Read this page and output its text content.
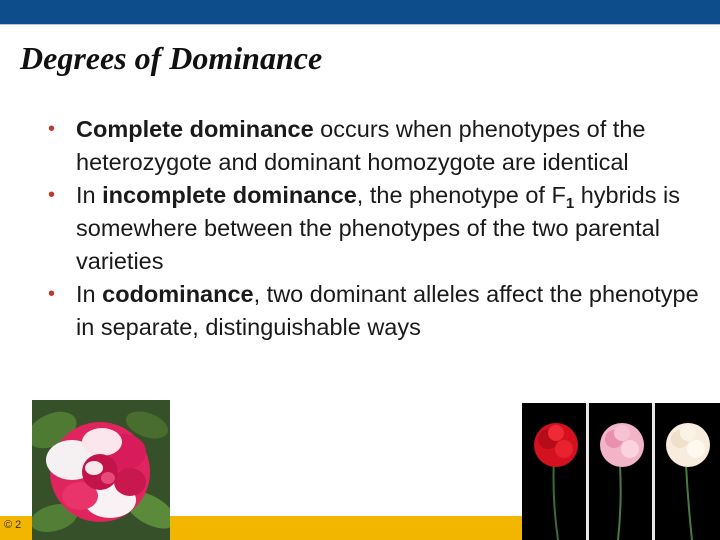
Degrees of Dominance
• Complete dominance occurs when phenotypes of the heterozygote and dominant homozygote are identical
• In incomplete dominance, the phenotype of $F_1$ hybrids is somewhere between the phenotypes of the two parental varieties
• In codominance, two dominant alleles affect the phenotype in separate, distinguishable ways
© 2
